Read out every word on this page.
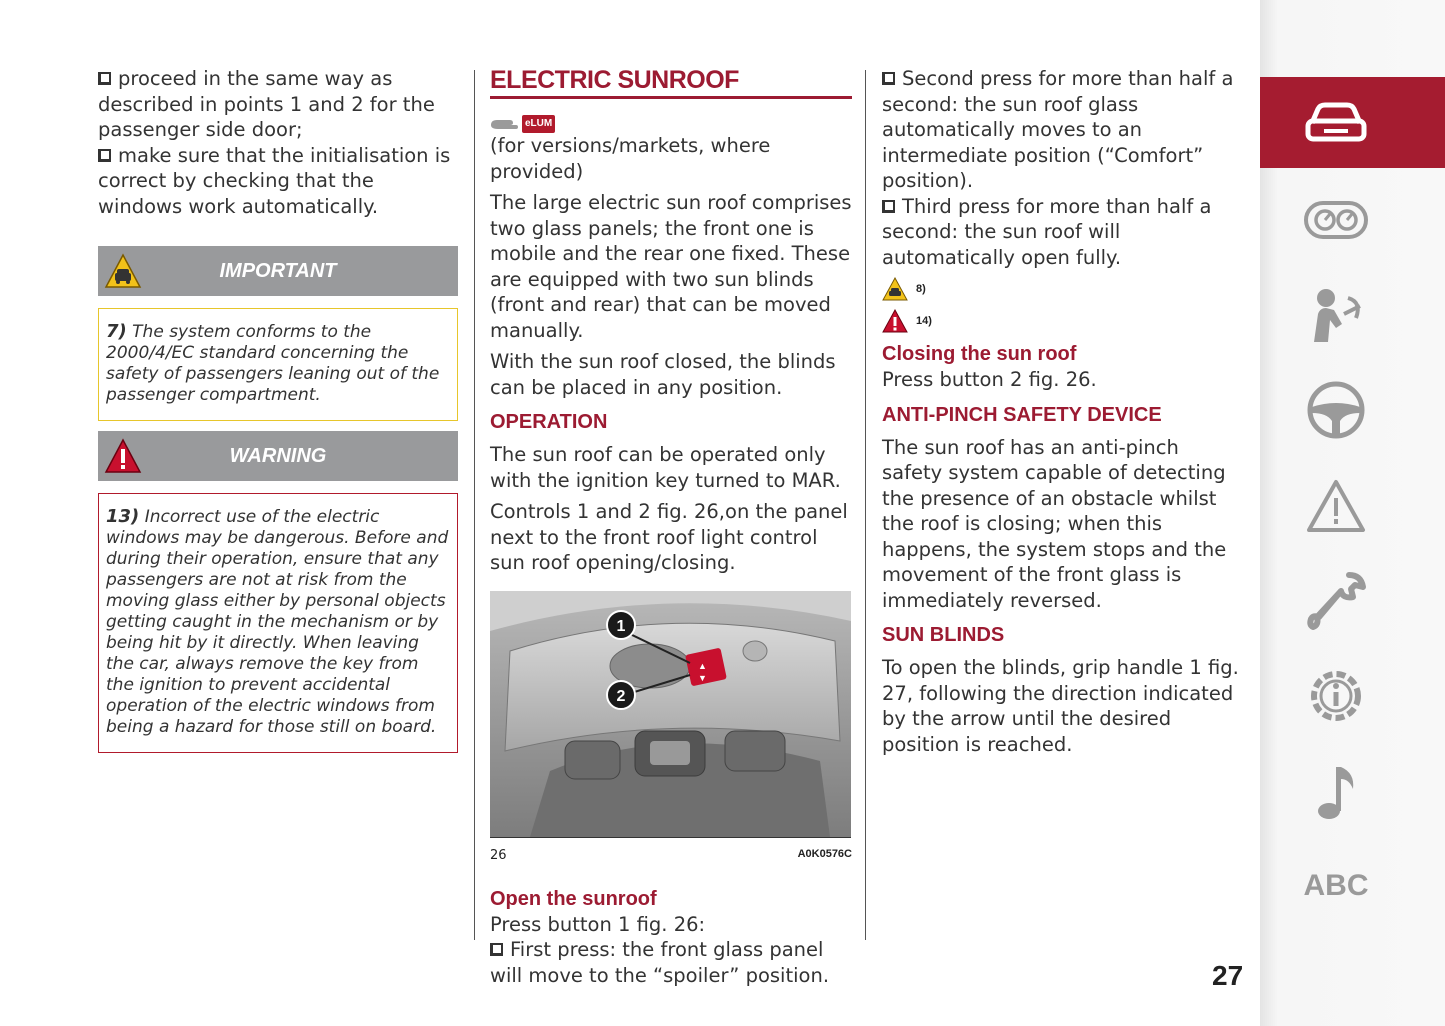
proceed in the same way as described in points 1 and 2 for the passenger side door;

make sure that the initialisation is correct by checking that the windows work automatically.

IMPORTANT

7) The system conforms to the 2000/4/EC standard concerning the safety of passengers leaning out of the passenger compartment.

WARNING

13) Incorrect use of the electric windows may be dangerous. Before and during their operation, ensure that any passengers are not at risk from the moving glass either by personal objects getting caught in the mechanism or by being hit by it directly. When leaving the car, always remove the key from the ignition to prevent accidental operation of the electric windows from being a hazard for those still on board.

ELECTRIC SUNROOF
eLUM

(for versions/markets, where provided)

The large electric sun roof comprises two glass panels; the front one is mobile and the rear one fixed. These are equipped with two sun blinds (front and rear) that can be moved manually.

With the sun roof closed, the blinds can be placed in any position.

OPERATION

The sun roof can be operated only with the ignition key turned to MAR.

Controls 1 and 2 fig. 26,on the panel next to the front roof light control sun roof opening/closing.

▲
▼
1
2
26	A0K0576C
Open the sunroof

Press button 1 fig. 26:

First press: the front glass panel will move to the “spoiler” position.

Second press for more than half a second: the sun roof glass automatically moves to an intermediate position (“Comfort” position).

Third press for more than half a second: the sun roof will automatically open fully.

8)
14)
Closing the sun roof

Press button 2 fig. 26.

ANTI-PINCH SAFETY DEVICE

The sun roof has an anti-pinch safety system capable of detecting the presence of an obstacle whilst the roof is closing; when this happens, the system stops and the movement of the front glass is immediately reversed.

SUN BLINDS

To open the blinds, grip handle 1 fig. 27, following the direction indicated by the arrow until the desired position is reached.

ABC
27
